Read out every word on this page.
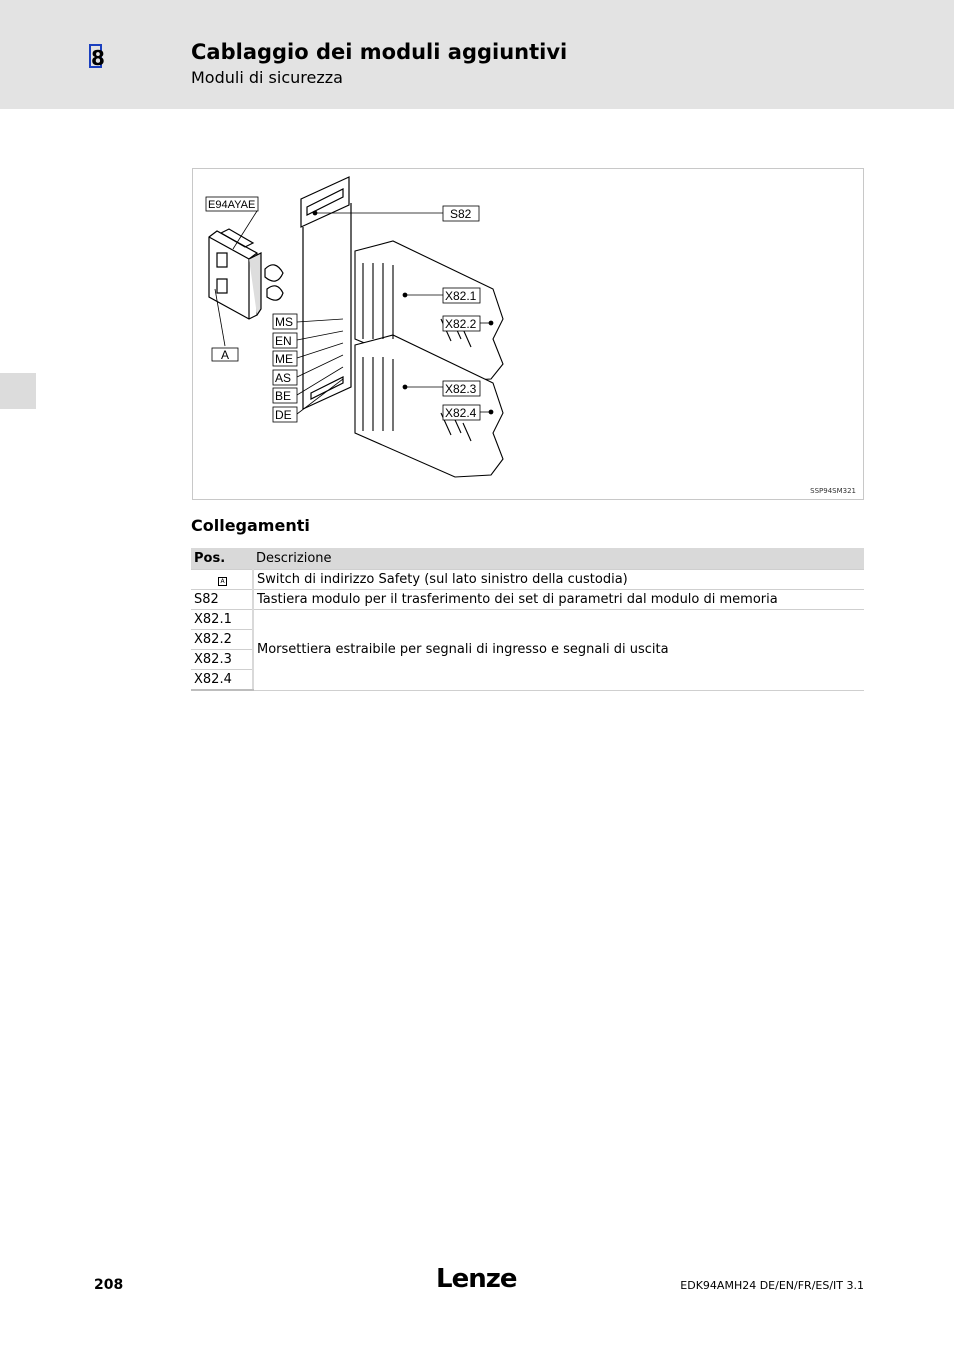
8	Cablaggio dei moduli aggiuntivi
Moduli di sicurezza
E94AYAE
A
S82
X82.1
X82.2
X82.3
X82.4
MS
EN
ME
AS
BE
DE
SSP94SM321
Collegamenti
Pos.	Descrizione
A	Switch di indirizzo Safety (sul lato sinistro della custodia)
S82	Tastiera modulo per il trasferimento dei set di parametri dal modulo di memoria
X82.1	Morsettiera estraibile per segnali di ingresso e segnali di uscita
X82.2	
X82.3	
X82.4	
208	Lenze	EDK94AMH24 DE/EN/FR/ES/IT 3.1
